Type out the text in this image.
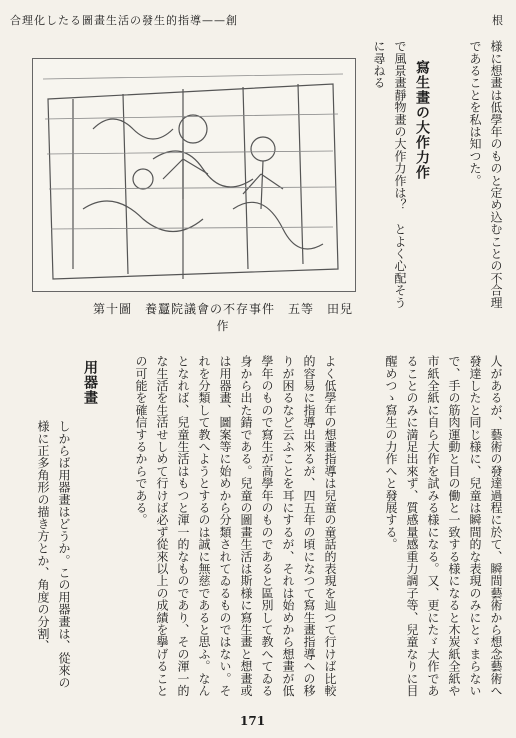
合理化したる圖畫生活の發生的指導——創	根
様に想畫は低學年のものと定め込むことの不合理であることを私は知つた。
寫生畫の大作力作
で風景畫靜物畫の大作力作は？　とよく心配そうに尋ねる
第十圖　養蠶院議會の不存事件　五等　田兒作
人があるが、藝術の發達過程に於て、瞬間藝術から想念藝術へ發達したと同じ様に、兒童は瞬間的な表現のみにとゞまらないで、手の筋肉運動と目の働と一致する様になると木炭紙全紙や市紙全紙に自ら大作を試みる様になる。又、更にたゞ大作であることのみに満足出來ず、質感量感重力調子等、兒童なりに目醒めつゝ寫生の力作へと發展する。
よく低學年の想畫指導は兒童の童話的表現を辿つて行けば比較的容易に指導出來るが、四五年の頃になつて寫生畫指導への移りが困るなど云ふことを耳にするが、それは始めから想畫が低學年のもので寫生が高學年のものであると區別して教へてゐる身から出た錆である。兒童の圖畫生活は斯様に寫生畫と想畫或は用器畫、圖案等に始めから分類されてゐるものではない。それを分類して教へようとするのは誠に無慈であると思ふ。なんとなれば、兒童生活はもつと渾一的なものであり、その渾一的な生活を生活せしめて行けば必ず從來以上の成績を擧げることの可能を確信するからである。
用器畫
しからば用器畫はどうか。この用器畫は、從來の様に正多角形の描き方とか、角度の分割、
171
